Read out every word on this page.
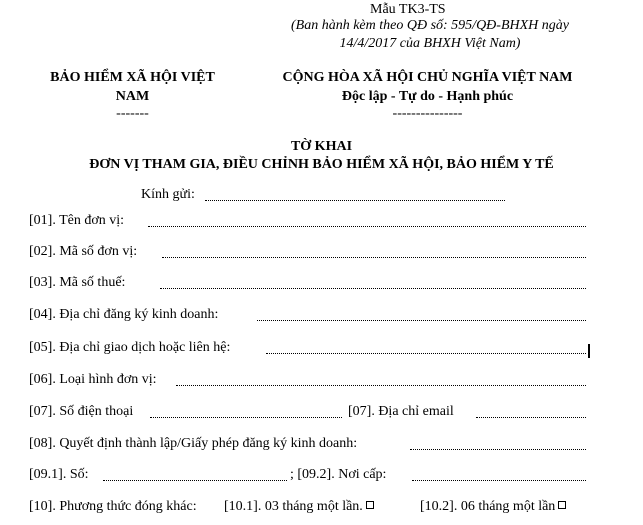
Mẫu TK3-TS
(Ban hành kèm theo QĐ số: 595/QĐ-BHXH ngày
14/4/2017 của BHXH Việt Nam)
BẢO HIỂM XÃ HỘI VIỆT
NAM
-------
CỘNG HÒA XÃ HỘI CHỦ NGHĨA VIỆT NAM
Độc lập - Tự do - Hạnh phúc
---------------
TỜ KHAI
ĐƠN VỊ THAM GIA, ĐIỀU CHỈNH BẢO HIỂM XÃ HỘI, BẢO HIỂM Y TẾ
Kính gửi:
[01]. Tên đơn vị:
[02]. Mã số đơn vị:
[03]. Mã số thuế:
[04]. Địa chỉ đăng ký kinh doanh:
[05]. Địa chỉ giao dịch hoặc liên hệ:
[06]. Loại hình đơn vị:
[07]. Số điện thoại	[07]. Địa chỉ email
[08]. Quyết định thành lập/Giấy phép đăng ký kinh doanh:
[09.1]. Số:	; [09.2]. Nơi cấp:
[10]. Phương thức đóng khác: [10.1]. 03 tháng một lần.	[10.2]. 06 tháng một lần
